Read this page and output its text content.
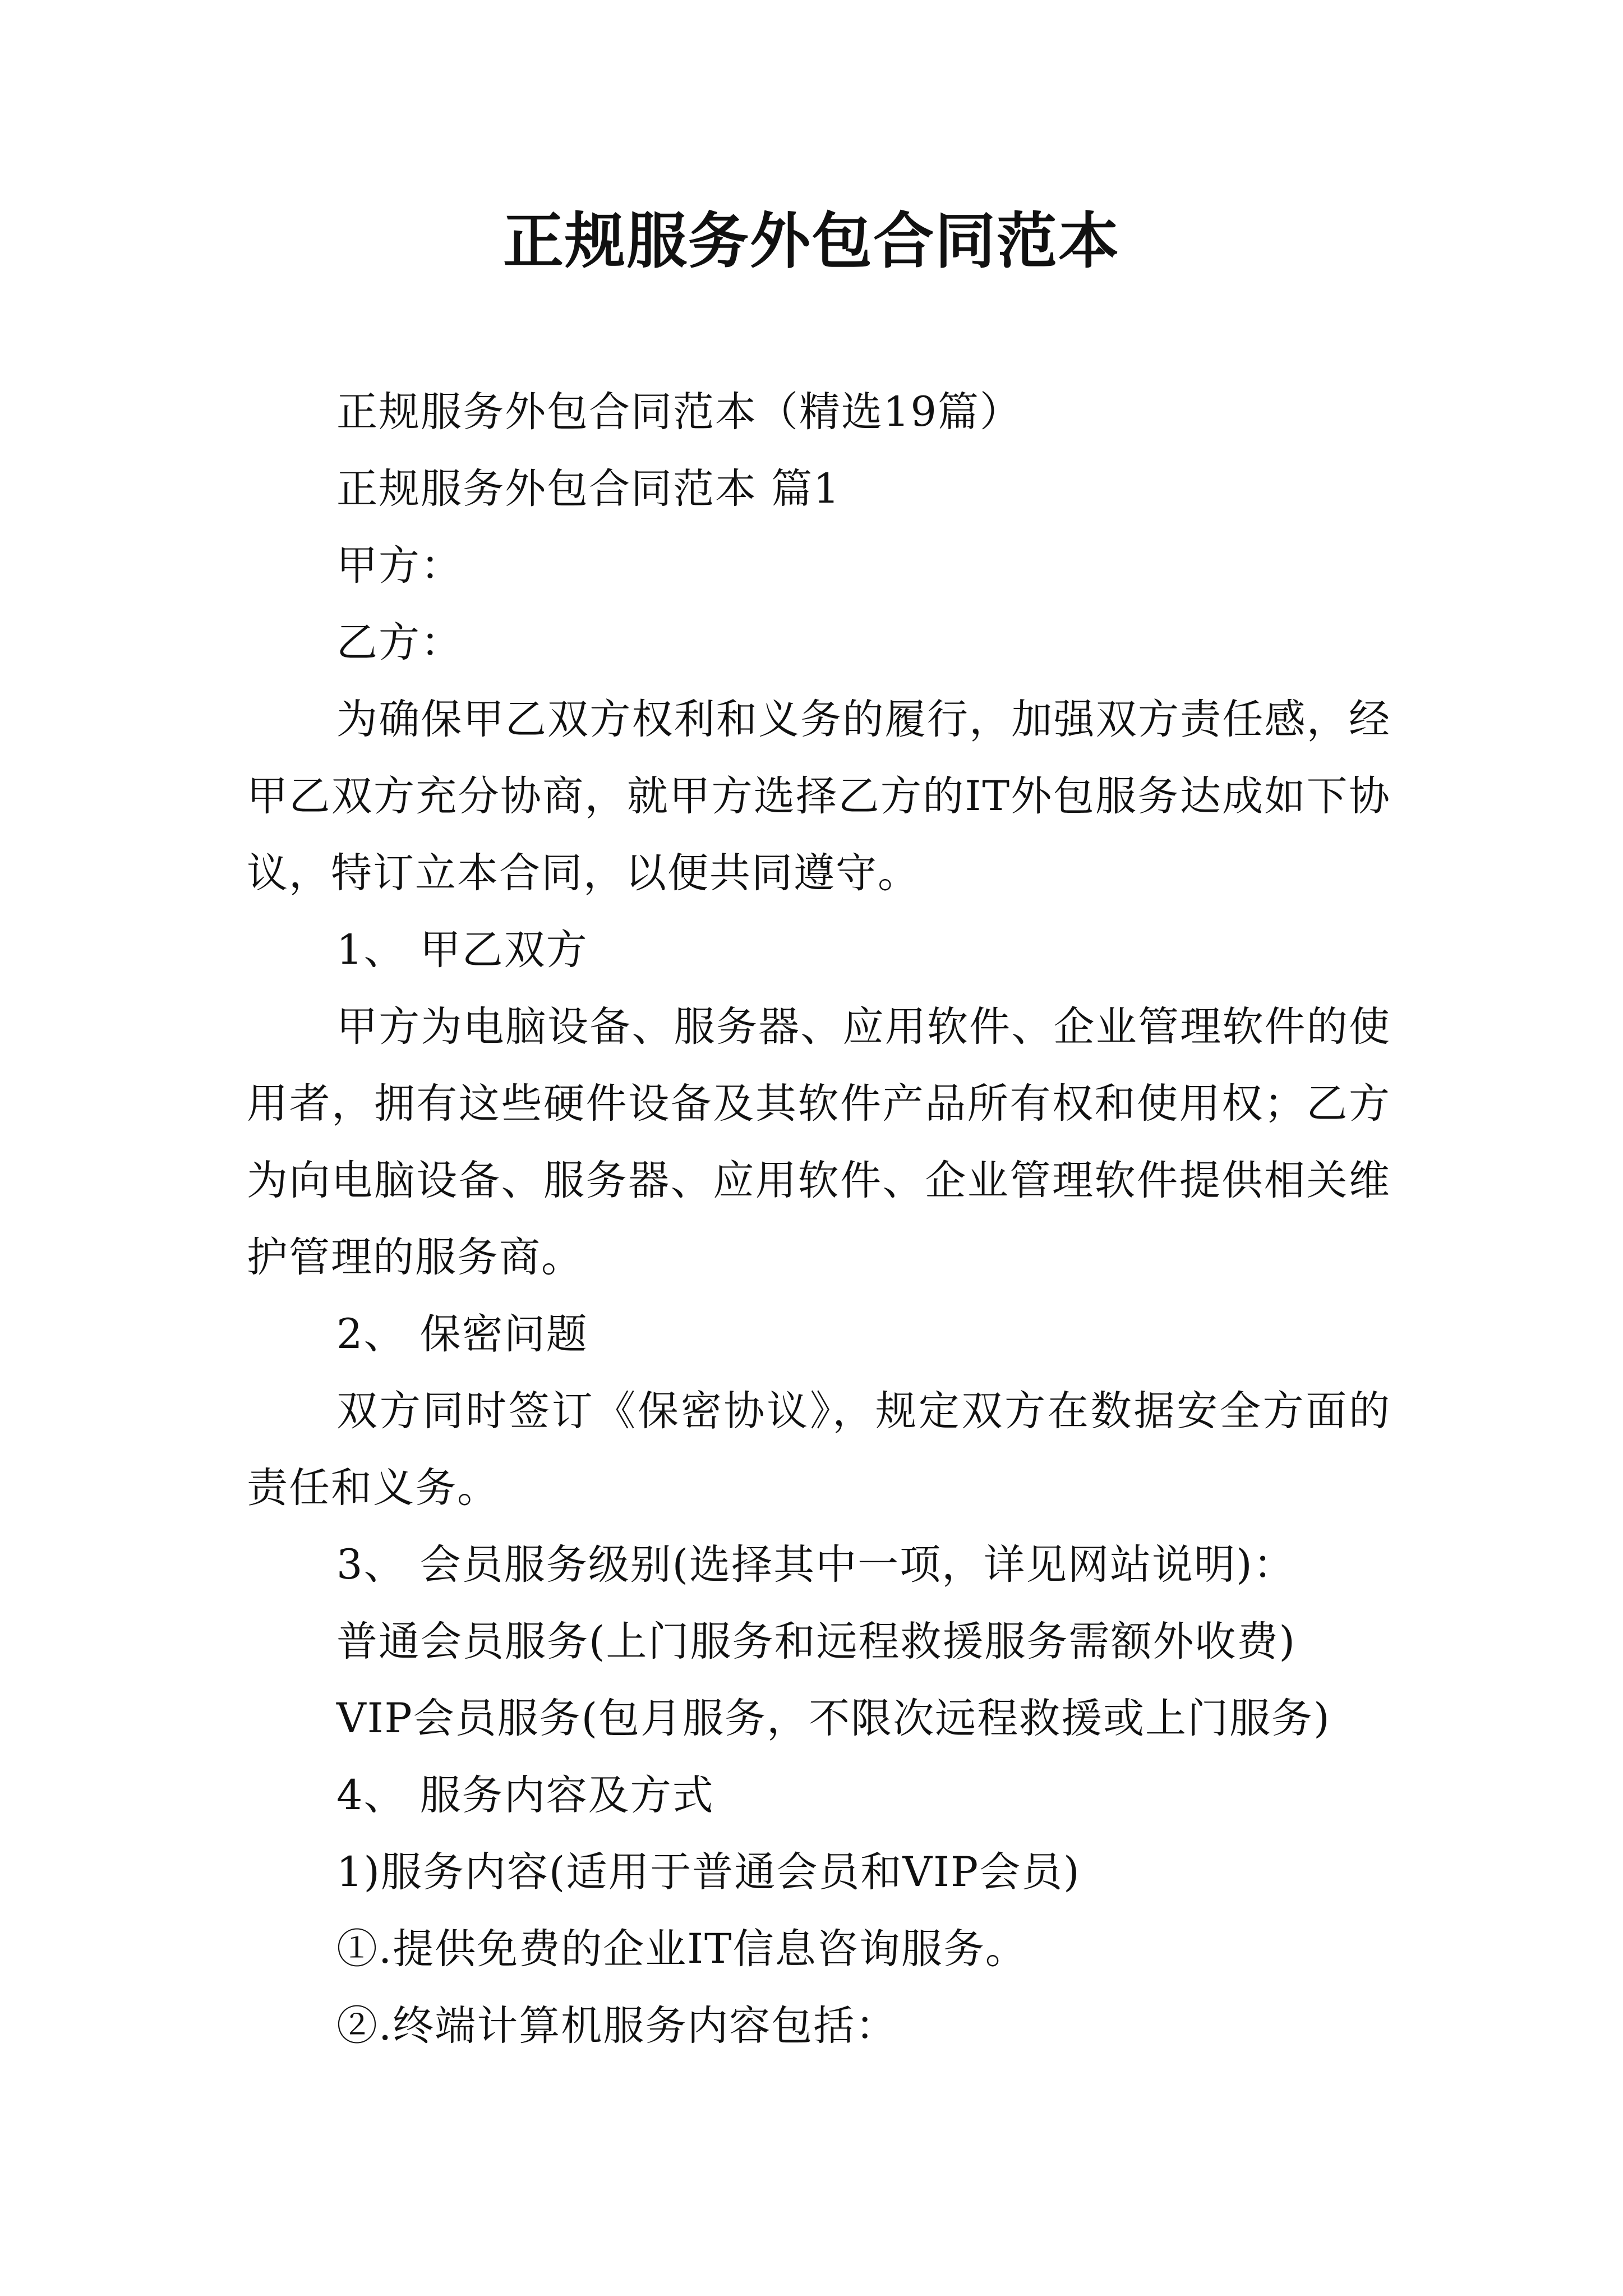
正规服务外包合同范本

正规服务外包合同范本（精选19篇）

正规服务外包合同范本 篇1

甲方：

乙方：

为确保甲乙双方权利和义务的履行，加强双方责任感，经甲乙双方充分协商，就甲方选择乙方的IT外包服务达成如下协议，特订立本合同，以便共同遵守。

1、 甲乙双方

甲方为电脑设备、服务器、应用软件、企业管理软件的使用者，拥有这些硬件设备及其软件产品所有权和使用权；乙方为向电脑设备、服务器、应用软件、企业管理软件提供相关维护管理的服务商。

2、 保密问题

双方同时签订《保密协议》，规定双方在数据安全方面的责任和义务。

3、 会员服务级别(选择其中一项，详见网站说明)：

普通会员服务(上门服务和远程救援服务需额外收费)

VIP会员服务(包月服务，不限次远程救援或上门服务)

4、 服务内容及方式

1)服务内容(适用于普通会员和VIP会员)

①.提供免费的企业IT信息咨询服务。

②.终端计算机服务内容包括：
